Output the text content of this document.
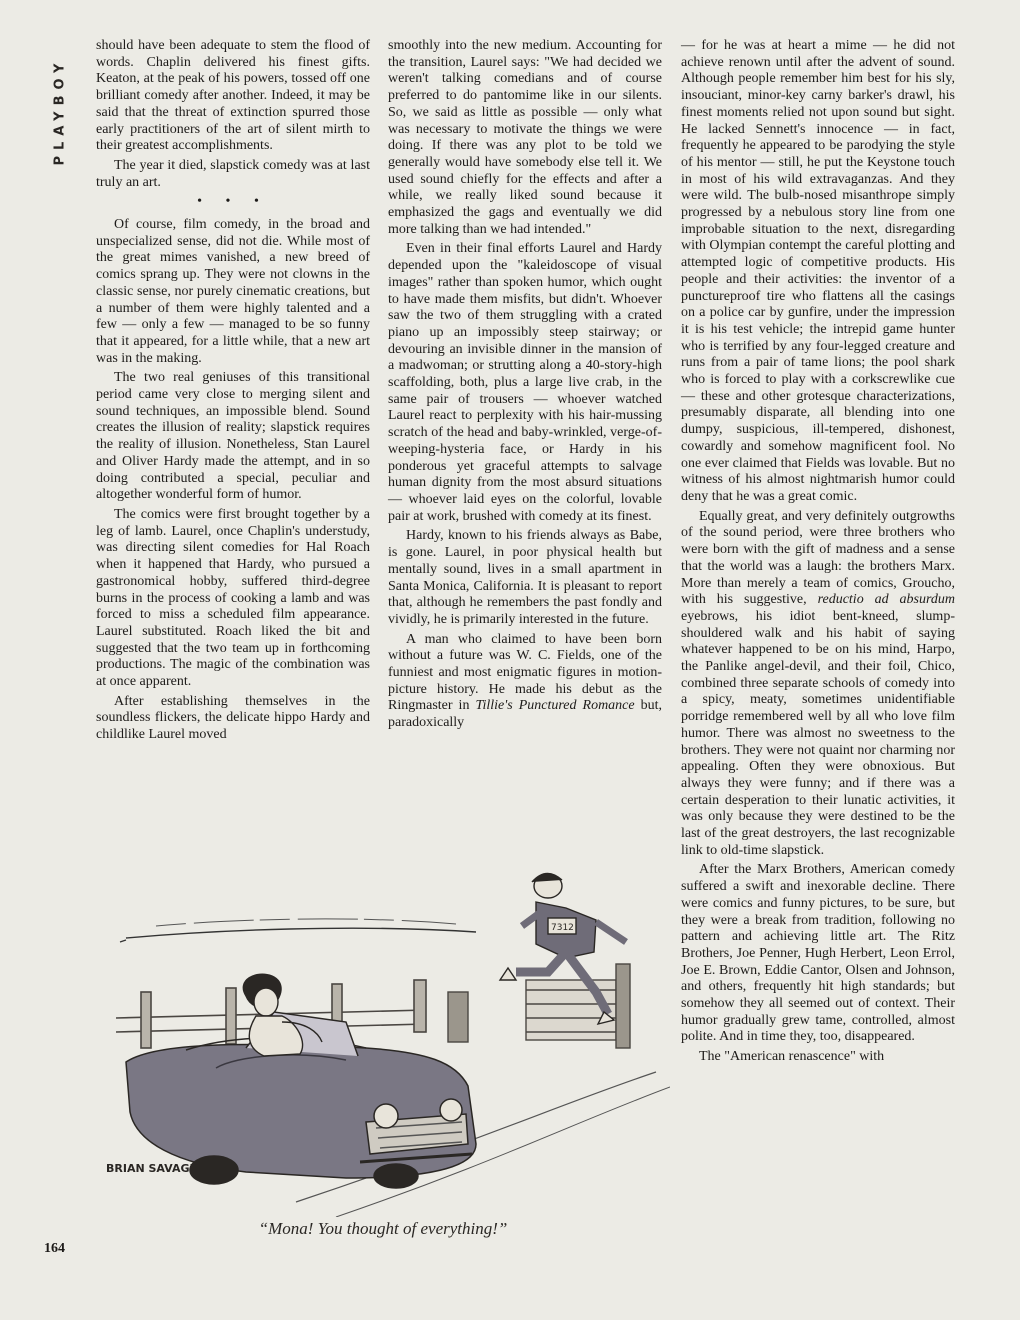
PLAYBOY

should have been adequate to stem the flood of words. Chaplin delivered his finest gifts. Keaton, at the peak of his powers, tossed off one brilliant comedy after another. Indeed, it may be said that the threat of extinction spurred those early practitioners of the art of silent mirth to their greatest accomplishments.

The year it died, slapstick comedy was at last truly an art.

• • •

Of course, film comedy, in the broad and unspecialized sense, did not die. While most of the great mimes vanished, a new breed of comics sprang up. They were not clowns in the classic sense, nor purely cinematic creations, but a number of them were highly talented and a few — only a few — managed to be so funny that it appeared, for a little while, that a new art was in the making.

The two real geniuses of this transitional period came very close to merging silent and sound techniques, an impossible blend. Sound creates the illusion of reality; slapstick requires the reality of illusion. Nonetheless, Stan Laurel and Oliver Hardy made the attempt, and in so doing contributed a special, peculiar and altogether wonderful form of humor.

The comics were first brought together by a leg of lamb. Laurel, once Chaplin's understudy, was directing silent comedies for Hal Roach when it happened that Hardy, who pursued a gastronomical hobby, suffered third-degree burns in the process of cooking a lamb and was forced to miss a scheduled film appearance. Laurel substituted. Roach liked the bit and suggested that the two team up in forthcoming productions. The magic of the combination was at once apparent.

After establishing themselves in the soundless flickers, the delicate hippo Hardy and childlike Laurel moved

smoothly into the new medium. Accounting for the transition, Laurel says: "We had decided we weren't talking comedians and of course preferred to do pantomime like in our silents. So, we said as little as possible — only what was necessary to motivate the things we were doing. If there was any plot to be told we generally would have somebody else tell it. We used sound chiefly for the effects and after a while, we really liked sound because it emphasized the gags and eventually we did more talking than we had intended."

Even in their final efforts Laurel and Hardy depended upon the "kaleidoscope of visual images" rather than spoken humor, which ought to have made them misfits, but didn't. Whoever saw the two of them struggling with a crated piano up an impossibly steep stairway; or devouring an invisible dinner in the mansion of a madwoman; or strutting along a 40-story-high scaffolding, both, plus a large live crab, in the same pair of trousers — whoever watched Laurel react to perplexity with his hair-mussing scratch of the head and baby-wrinkled, verge-of-weeping-hysteria face, or Hardy in his ponderous yet graceful attempts to salvage human dignity from the most absurd situations — whoever laid eyes on the colorful, lovable pair at work, brushed with comedy at its finest.

Hardy, known to his friends always as Babe, is gone. Laurel, in poor physical health but mentally sound, lives in a small apartment in Santa Monica, California. It is pleasant to report that, although he remembers the past fondly and vividly, he is primarily interested in the future.

A man who claimed to have been born without a future was W. C. Fields, one of the funniest and most enigmatic figures in motion-picture history. He made his debut as the Ringmaster in Tillie's Punctured Romance but, paradoxically

— for he was at heart a mime — he did not achieve renown until after the advent of sound. Although people remember him best for his sly, insouciant, minor-key carny barker's drawl, his finest moments relied not upon sound but sight. He lacked Sennett's innocence — in fact, frequently he appeared to be parodying the style of his mentor — still, he put the Keystone touch in most of his wild extravaganzas. And they were wild. The bulb-nosed misanthrope simply progressed by a nebulous story line from one improbable situation to the next, disregarding with Olympian contempt the careful plotting and attempted logic of competitive products. His people and their activities: the inventor of a punctureproof tire who flattens all the casings on a police car by gunfire, under the impression it is his test vehicle; the intrepid game hunter who is terrified by any four-legged creature and runs from a pair of tame lions; the pool shark who is forced to play with a corkscrewlike cue — these and other grotesque characterizations, presumably disparate, all blending into one dumpy, suspicious, ill-tempered, dishonest, cowardly and somehow magnificent fool. No one ever claimed that Fields was lovable. But no witness of his almost nightmarish humor could deny that he was a great comic.

Equally great, and very definitely outgrowths of the sound period, were three brothers who were born with the gift of madness and a sense that the world was a laugh: the brothers Marx. More than merely a team of comics, Groucho, with his suggestive, reductio ad absurdum eyebrows, his idiot bent-kneed, slump-shouldered walk and his habit of saying whatever happened to be on his mind, Harpo, the Panlike angel-devil, and their foil, Chico, combined three separate schools of comedy into a spicy, meaty, sometimes unidentifiable porridge remembered well by all who love film humor. There was almost no sweetness to the brothers. They were not quaint nor charming nor appealing. Often they were obnoxious. But always they were funny; and if there was a certain desperation to their lunatic activities, it was only because they were destined to be the last of the great destroyers, the last recognizable link to old-time slapstick.

After the Marx Brothers, American comedy suffered a swift and inexorable decline. There were comics and funny pictures, to be sure, but they were a break from tradition, following no pattern and achieving little art. The Ritz Brothers, Joe Penner, Hugh Herbert, Leon Errol, Joe E. Brown, Eddie Cantor, Olsen and Johnson, and others, frequently hit high standards; but somehow they all seemed out of context. Their humor gradually grew tame, controlled, almost polite. And in time they, too, disappeared.

The "American renascence" with

7312
BRIAN SAVAGE
“Mona! You thought of everything!”
164
